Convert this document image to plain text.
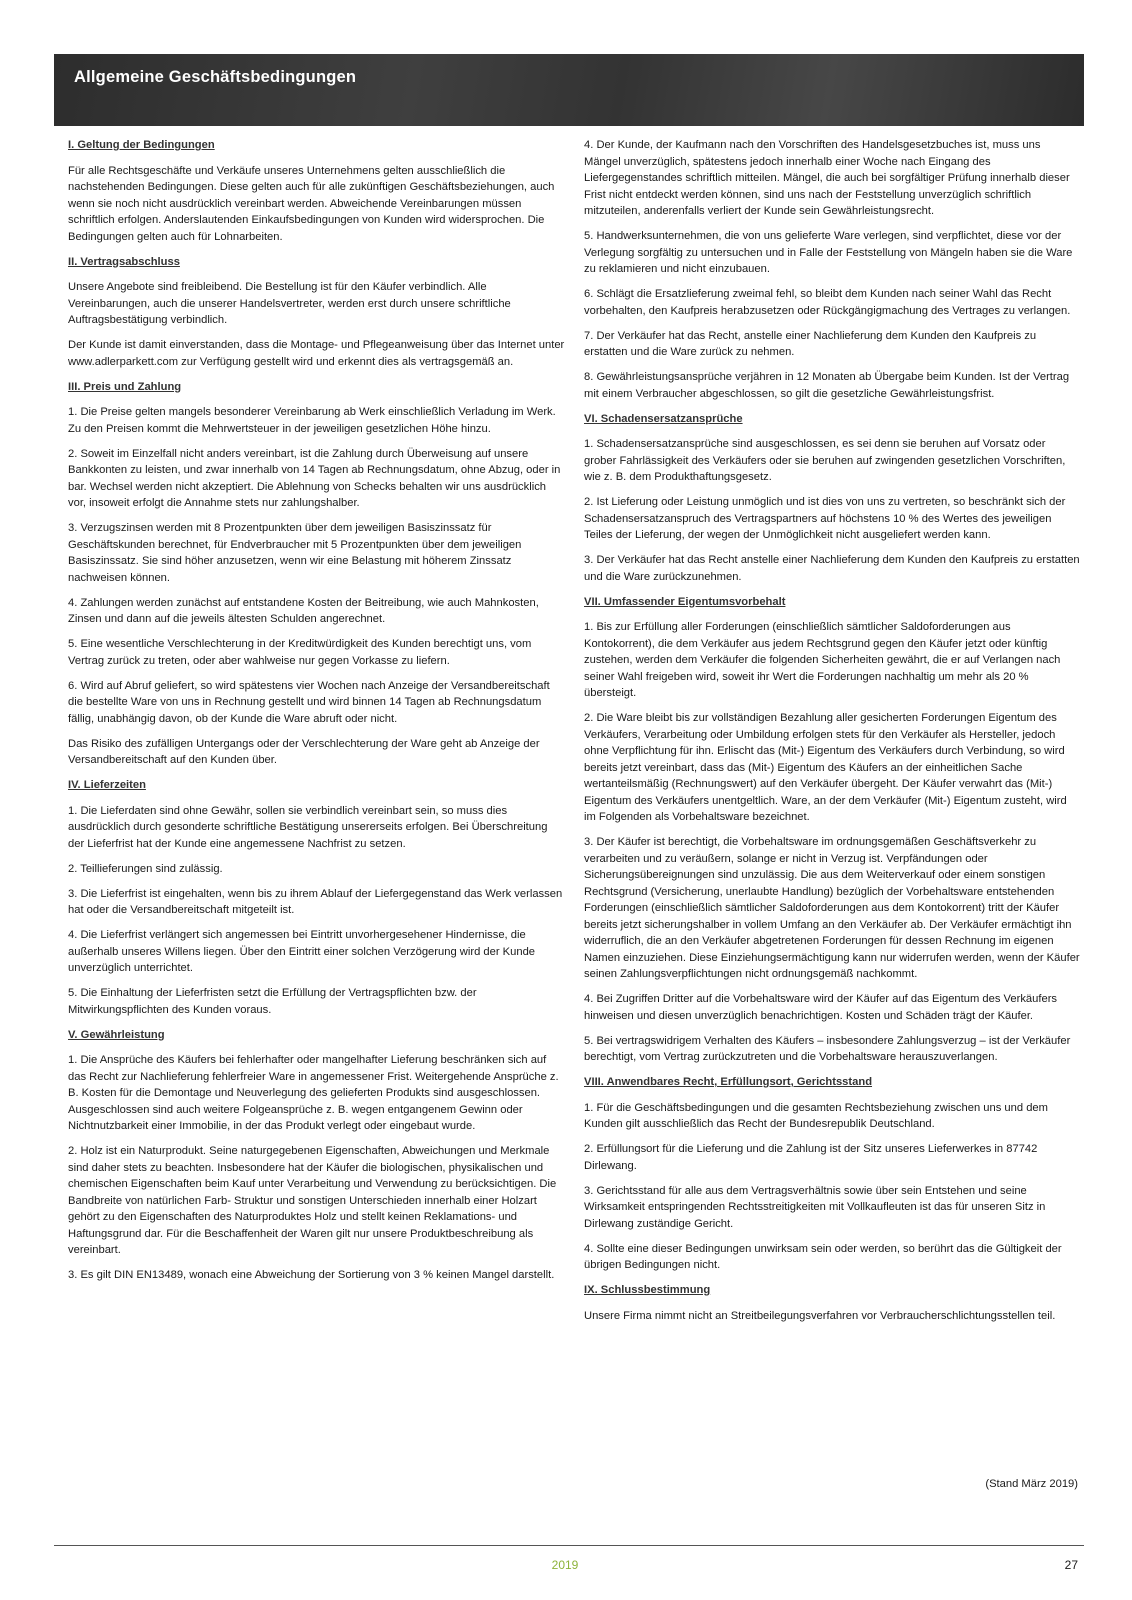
Allgemeine Geschäftsbedingungen
I. Geltung der Bedingungen

Für alle Rechtsgeschäfte und Verkäufe unseres Unternehmens gelten ausschließlich die nachstehenden Bedingungen. Diese gelten auch für alle zukünftigen Geschäftsbeziehungen, auch wenn sie noch nicht ausdrücklich vereinbart werden. Abweichende Vereinbarungen müssen schriftlich erfolgen. Anderslautenden Einkaufsbedingungen von Kunden wird widersprochen. Die Bedingungen gelten auch für Lohnarbeiten.

II. Vertragsabschluss

Unsere Angebote sind freibleibend. Die Bestellung ist für den Käufer verbindlich. Alle Vereinbarungen, auch die unserer Handelsvertreter, werden erst durch unsere schriftliche Auftragsbestätigung verbindlich.

Der Kunde ist damit einverstanden, dass die Montage- und Pflegeanweisung über das Internet unter www.adlerparkett.com zur Verfügung gestellt wird und erkennt dies als vertragsgemäß an.

III. Preis und Zahlung

1. Die Preise gelten mangels besonderer Vereinbarung ab Werk einschließlich Verladung im Werk. Zu den Preisen kommt die Mehrwertsteuer in der jeweiligen gesetzlichen Höhe hinzu.

2. Soweit im Einzelfall nicht anders vereinbart, ist die Zahlung durch Überweisung auf unsere Bankkonten zu leisten, und zwar innerhalb von 14 Tagen ab Rechnungsdatum, ohne Abzug, oder in bar. Wechsel werden nicht akzeptiert. Die Ablehnung von Schecks behalten wir uns ausdrücklich vor, insoweit erfolgt die Annahme stets nur zahlungshalber.

3. Verzugszinsen werden mit 8 Prozentpunkten über dem jeweiligen Basiszinssatz für Geschäftskunden berechnet, für Endverbraucher mit 5 Prozentpunkten über dem jeweiligen Basiszinssatz. Sie sind höher anzusetzen, wenn wir eine Belastung mit höherem Zinssatz nachweisen können.

4. Zahlungen werden zunächst auf entstandene Kosten der Beitreibung, wie auch Mahnkosten, Zinsen und dann auf die jeweils ältesten Schulden angerechnet.

5. Eine wesentliche Verschlechterung in der Kreditwürdigkeit des Kunden berechtigt uns, vom Vertrag zurück zu treten, oder aber wahlweise nur gegen Vorkasse zu liefern.

6. Wird auf Abruf geliefert, so wird spätestens vier Wochen nach Anzeige der Versandbereitschaft die bestellte Ware von uns in Rechnung gestellt und wird binnen 14 Tagen ab Rechnungsdatum fällig, unabhängig davon, ob der Kunde die Ware abruft oder nicht.

Das Risiko des zufälligen Untergangs oder der Verschlechterung der Ware geht ab Anzeige der Versandbereitschaft auf den Kunden über.

IV. Lieferzeiten

1. Die Lieferdaten sind ohne Gewähr, sollen sie verbindlich vereinbart sein, so muss dies ausdrücklich durch gesonderte schriftliche Bestätigung unsererseits erfolgen. Bei Überschreitung der Lieferfrist hat der Kunde eine angemessene Nachfrist zu setzen.

2. Teillieferungen sind zulässig.

3. Die Lieferfrist ist eingehalten, wenn bis zu ihrem Ablauf der Liefergegenstand das Werk verlassen hat oder die Versandbereitschaft mitgeteilt ist.

4. Die Lieferfrist verlängert sich angemessen bei Eintritt unvorhergesehener Hindernisse, die außerhalb unseres Willens liegen. Über den Eintritt einer solchen Verzögerung wird der Kunde unverzüglich unterrichtet.

5. Die Einhaltung der Lieferfristen setzt die Erfüllung der Vertragspflichten bzw. der Mitwirkungspflichten des Kunden voraus.

V. Gewährleistung

1. Die Ansprüche des Käufers bei fehlerhafter oder mangelhafter Lieferung beschränken sich auf das Recht zur Nachlieferung fehlerfreier Ware in angemessener Frist. Weitergehende Ansprüche z. B. Kosten für die Demontage und Neuverlegung des gelieferten Produkts sind ausgeschlossen. Ausgeschlossen sind auch weitere Folgeansprüche z. B. wegen entgangenem Gewinn oder Nichtnutzbarkeit einer Immobilie, in der das Produkt verlegt oder eingebaut wurde.

2. Holz ist ein Naturprodukt. Seine naturgegebenen Eigenschaften, Abweichungen und Merkmale sind daher stets zu beachten. Insbesondere hat der Käufer die biologischen, physikalischen und chemischen Eigenschaften beim Kauf unter Verarbeitung und Verwendung zu berücksichtigen. Die Bandbreite von natürlichen Farb- Struktur und sonstigen Unterschieden innerhalb einer Holzart gehört zu den Eigenschaften des Naturproduktes Holz und stellt keinen Reklamations- und Haftungsgrund dar. Für die Beschaffenheit der Waren gilt nur unsere Produktbeschreibung als vereinbart.

3. Es gilt DIN EN13489, wonach eine Abweichung der Sortierung von 3 % keinen Mangel darstellt.

4. Der Kunde, der Kaufmann nach den Vorschriften des Handelsgesetzbuches ist, muss uns Mängel unverzüglich, spätestens jedoch innerhalb einer Woche nach Eingang des Liefergegenstandes schriftlich mitteilen. Mängel, die auch bei sorgfältiger Prüfung innerhalb dieser Frist nicht entdeckt werden können, sind uns nach der Feststellung unverzüglich schriftlich mitzuteilen, anderenfalls verliert der Kunde sein Gewährleistungsrecht.

5. Handwerksunternehmen, die von uns gelieferte Ware verlegen, sind verpflichtet, diese vor der Verlegung sorgfältig zu untersuchen und in Falle der Feststellung von Mängeln haben sie die Ware zu reklamieren und nicht einzubauen.

6. Schlägt die Ersatzlieferung zweimal fehl, so bleibt dem Kunden nach seiner Wahl das Recht vorbehalten, den Kaufpreis herabzusetzen oder Rückgängigmachung des Vertrages zu verlangen.

7. Der Verkäufer hat das Recht, anstelle einer Nachlieferung dem Kunden den Kaufpreis zu erstatten und die Ware zurück zu nehmen.

8. Gewährleistungsansprüche verjähren in 12 Monaten ab Übergabe beim Kunden. Ist der Vertrag mit einem Verbraucher abgeschlossen, so gilt die gesetzliche Gewährleistungsfrist.

VI. Schadensersatzansprüche

1. Schadensersatzansprüche sind ausgeschlossen, es sei denn sie beruhen auf Vorsatz oder grober Fahrlässigkeit des Verkäufers oder sie beruhen auf zwingenden gesetzlichen Vorschriften, wie z. B. dem Produkthaftungsgesetz.

2. Ist Lieferung oder Leistung unmöglich und ist dies von uns zu vertreten, so beschränkt sich der Schadensersatzanspruch des Vertragspartners auf höchstens 10 % des Wertes des jeweiligen Teiles der Lieferung, der wegen der Unmöglichkeit nicht ausgeliefert werden kann.

3. Der Verkäufer hat das Recht anstelle einer Nachlieferung dem Kunden den Kaufpreis zu erstatten und die Ware zurückzunehmen.

VII. Umfassender Eigentumsvorbehalt

1. Bis zur Erfüllung aller Forderungen (einschließlich sämtlicher Saldoforderungen aus Kontokorrent), die dem Verkäufer aus jedem Rechtsgrund gegen den Käufer jetzt oder künftig zustehen, werden dem Verkäufer die folgenden Sicherheiten gewährt, die er auf Verlangen nach seiner Wahl freigeben wird, soweit ihr Wert die Forderungen nachhaltig um mehr als 20 % übersteigt.

2. Die Ware bleibt bis zur vollständigen Bezahlung aller gesicherten Forderungen Eigentum des Verkäufers, Verarbeitung oder Umbildung erfolgen stets für den Verkäufer als Hersteller, jedoch ohne Verpflichtung für ihn. Erlischt das (Mit-) Eigentum des Verkäufers durch Verbindung, so wird bereits jetzt vereinbart, dass das (Mit-) Eigentum des Käufers an der einheitlichen Sache wertanteilsmäßig (Rechnungswert) auf den Verkäufer übergeht. Der Käufer verwahrt das (Mit-) Eigentum des Verkäufers unentgeltlich. Ware, an der dem Verkäufer (Mit-) Eigentum zusteht, wird im Folgenden als Vorbehaltsware bezeichnet.

3. Der Käufer ist berechtigt, die Vorbehaltsware im ordnungsgemäßen Geschäftsverkehr zu verarbeiten und zu veräußern, solange er nicht in Verzug ist. Verpfändungen oder Sicherungsübereignungen sind unzulässig. Die aus dem Weiterverkauf oder einem sonstigen Rechtsgrund (Versicherung, unerlaubte Handlung) bezüglich der Vorbehaltsware entstehenden Forderungen (einschließlich sämtlicher Saldoforderungen aus dem Kontokorrent) tritt der Käufer bereits jetzt sicherungshalber in vollem Umfang an den Verkäufer ab. Der Verkäufer ermächtigt ihn widerruflich, die an den Verkäufer abgetretenen Forderungen für dessen Rechnung im eigenen Namen einzuziehen. Diese Einziehungsermächtigung kann nur widerrufen werden, wenn der Käufer seinen Zahlungsverpflichtungen nicht ordnungsgemäß nachkommt.

4. Bei Zugriffen Dritter auf die Vorbehaltsware wird der Käufer auf das Eigentum des Verkäufers hinweisen und diesen unverzüglich benachrichtigen. Kosten und Schäden trägt der Käufer.

5. Bei vertragswidrigem Verhalten des Käufers – insbesondere Zahlungsverzug – ist der Verkäufer berechtigt, vom Vertrag zurückzutreten und die Vorbehaltsware herauszuverlangen.

VIII. Anwendbares Recht, Erfüllungsort, Gerichtsstand

1. Für die Geschäftsbedingungen und die gesamten Rechtsbeziehung zwischen uns und dem Kunden gilt ausschließlich das Recht der Bundesrepublik Deutschland.

2. Erfüllungsort für die Lieferung und die Zahlung ist der Sitz unseres Lieferwerkes in 87742 Dirlewang.

3. Gerichtsstand für alle aus dem Vertragsverhältnis sowie über sein Entstehen und seine Wirksamkeit entspringenden Rechtsstreitigkeiten mit Vollkaufleuten ist das für unseren Sitz in Dirlewang zuständige Gericht.

4. Sollte eine dieser Bedingungen unwirksam sein oder werden, so berührt das die Gültigkeit der übrigen Bedingungen nicht.

IX. Schlussbestimmung

Unsere Firma nimmt nicht an Streitbeilegungsverfahren vor Verbraucherschlichtungsstellen teil.

(Stand März 2019)
2019	27
